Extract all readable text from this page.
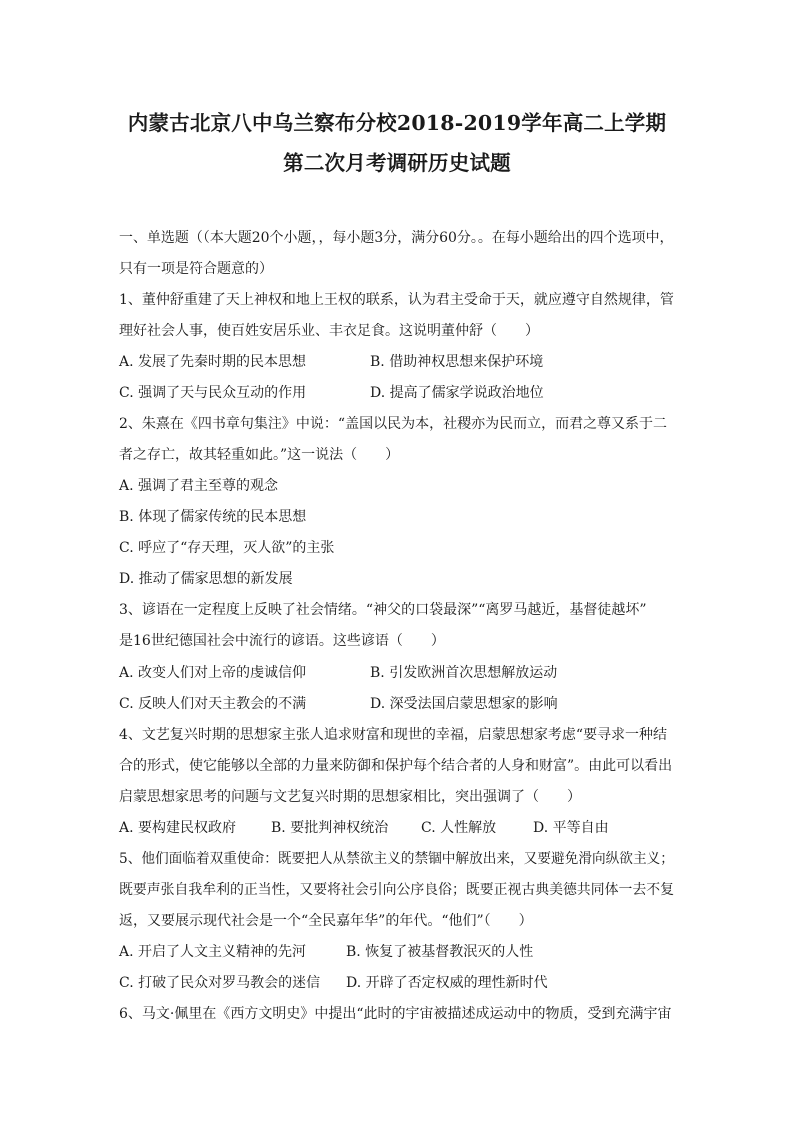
内蒙古北京八中乌兰察布分校2018-2019学年高二上学期
第二次月考调研历史试题
一、单选题（（本大题20个小题，，每小题3分，满分60分。。在每小题给出的四个选项中，
只有一项是符合题意的）
1、董仲舒重建了天上神权和地上王权的联系，认为君主受命于天，就应遵守自然规律，管
理好社会人事，使百姓安居乐业、丰衣足食。这说明董仲舒（　　）
A. 发展了先秦时期的民本思想	B. 借助神权思想来保护环境
C. 强调了天与民众互动的作用	D. 提高了儒家学说政治地位
2、朱熹在《四书章句集注》中说：“盖国以民为本，社稷亦为民而立，而君之尊又系于二
者之存亡，故其轻重如此。”这一说法（　　）
A. 强调了君主至尊的观念
B. 体现了儒家传统的民本思想
C. 呼应了“存天理，灭人欲”的主张
D. 推动了儒家思想的新发展
3、谚语在一定程度上反映了社会情绪。“神父的口袋最深”“离罗马越近，基督徒越坏”
是16世纪德国社会中流行的谚语。这些谚语（　　）
A. 改变人们对上帝的虔诚信仰	B. 引发欧洲首次思想解放运动
C. 反映人们对天主教会的不满	D. 深受法国启蒙思想家的影响
4、文艺复兴时期的思想家主张人追求财富和现世的幸福，启蒙思想家考虑“要寻求一种结
合的形式，使它能够以全部的力量来防御和保护每个结合者的人身和财富”。由此可以看出
启蒙思想家思考的问题与文艺复兴时期的思想家相比，突出强调了（　　）
A. 要构建民权政府 B. 要批判神权统治 C. 人性解放	D. 平等自由
5、他们面临着双重使命：既要把人从禁欲主义的禁锢中解放出来，又要避免滑向纵欲主义；
既要声张自我牟利的正当性，又要将社会引向公序良俗；既要正视古典美德共同体一去不复
返，又要展示现代社会是一个“全民嘉年华”的年代。“他们”（　　）
A. 开启了人文主义精神的先河	B. 恢复了被基督教泯灭的人性
C. 打破了民众对罗马教会的迷信 D. 开辟了否定权威的理性新时代
6、马文·佩里在《西方文明史》中提出“此时的宇宙被描述成运动中的物质，受到充满宇宙
